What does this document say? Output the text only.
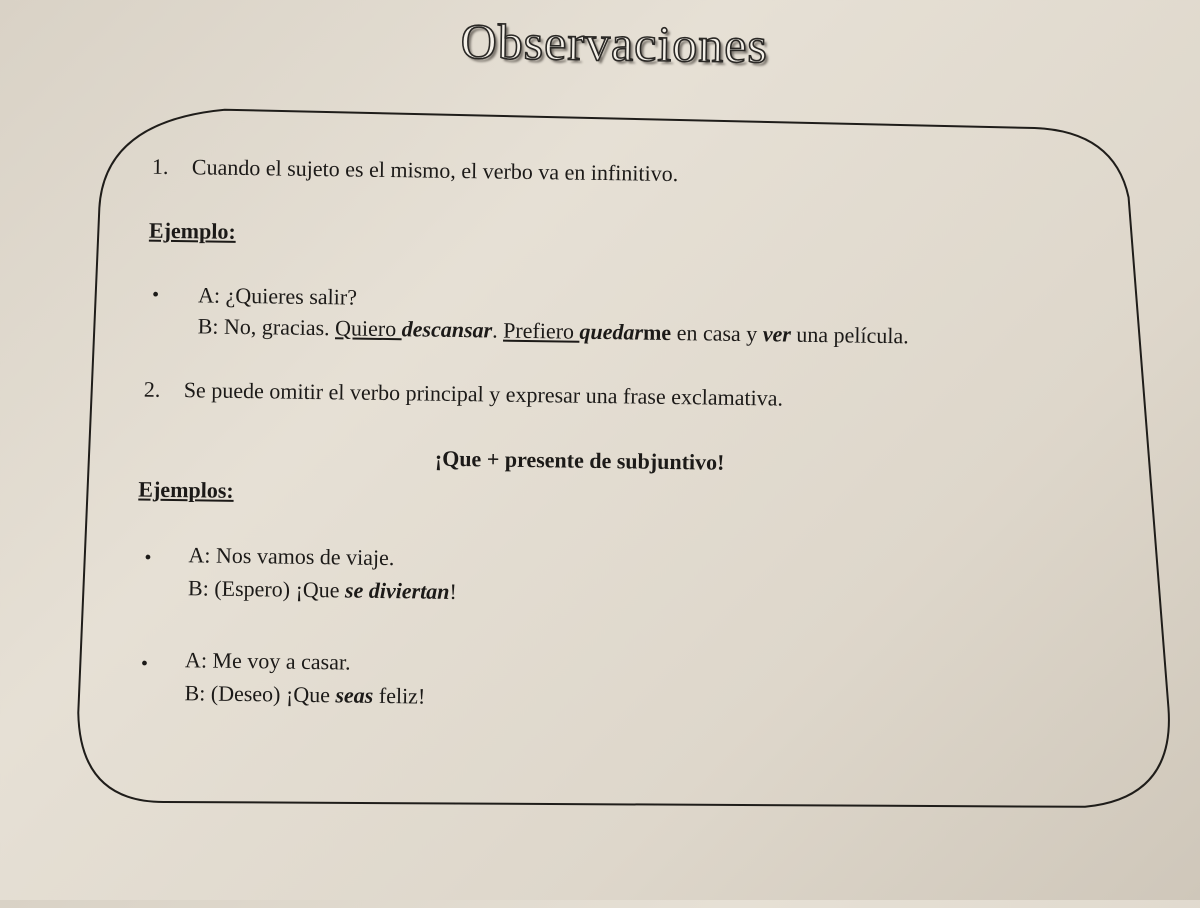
Observaciones
1. Cuando el sujeto es el mismo, el verbo va en infinitivo.
Ejemplo:
• A: ¿Quieres salir?
B: No, gracias. Quiero descansar. Prefiero quedarme en casa y ver una película.
2. Se puede omitir el verbo principal y expresar una frase exclamativa.
¡Que + presente de subjuntivo!
Ejemplos:
• A: Nos vamos de viaje.
B: (Espero) ¡Que se diviertan!
• A: Me voy a casar.
B: (Deseo) ¡Que seas feliz!
